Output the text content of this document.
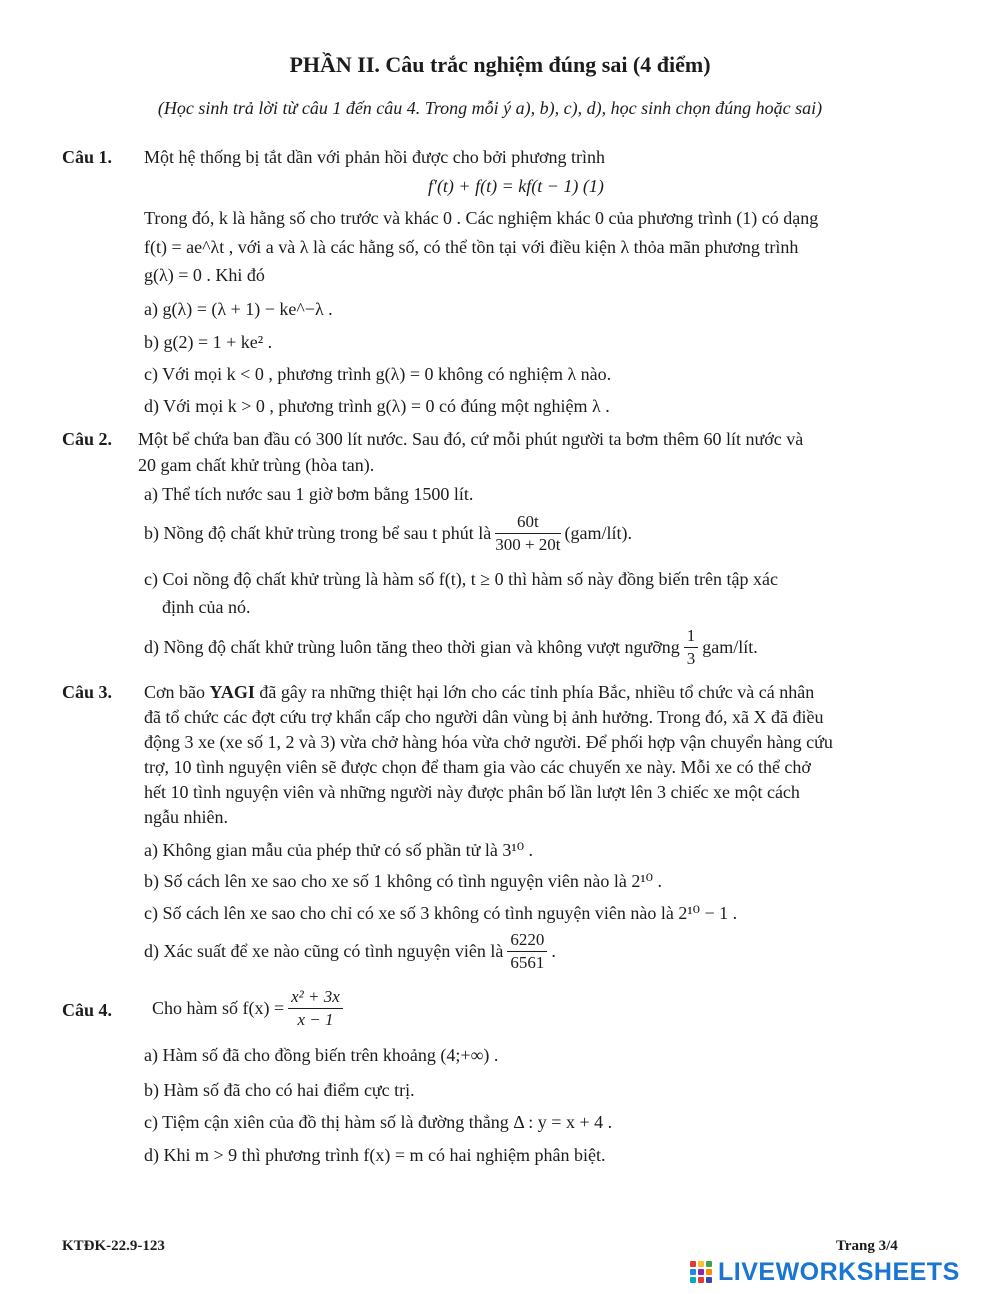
PHẦN II. Câu trắc nghiệm đúng sai (4 điểm)
(Học sinh trả lời từ câu 1 đến câu 4. Trong mỗi ý a), b), c), d), học sinh chọn đúng hoặc sai)
Câu 1. Một hệ thống bị tắt dần với phản hồi được cho bởi phương trình
f′(t) + f(t) = kf(t − 1) (1)
Trong đó, k là hằng số cho trước và khác 0 . Các nghiệm khác 0 của phương trình (1) có dạng
f(t) = ae^λt , với a và λ là các hằng số, có thể tồn tại với điều kiện λ thỏa mãn phương trình
g(λ) = 0 . Khi đó
a) g(λ) = (λ + 1) − ke^−λ .
b) g(2) = 1 + ke² .
c) Với mọi k < 0 , phương trình g(λ) = 0 không có nghiệm λ nào.
d) Với mọi k > 0 , phương trình g(λ) = 0 có đúng một nghiệm λ .
Câu 2. Một bể chứa ban đầu có 300 lít nước. Sau đó, cứ mỗi phút người ta bơm thêm 60 lít nước và
20 gam chất khử trùng (hòa tan).
a) Thể tích nước sau 1 giờ bơm bằng 1500 lít.
b) Nồng độ chất khử trùng trong bể sau t phút là $\frac{60t}{300 + 20t}$ (gam/lít).
c) Coi nồng độ chất khử trùng là hàm số f(t), t ≥ 0 thì hàm số này đồng biến trên tập xác
định của nó.
d) Nồng độ chất khử trùng luôn tăng theo thời gian và không vượt ngưỡng $\frac{1}{3}$ gam/lít.
Câu 3. Cơn bão YAGI đã gây ra những thiệt hại lớn cho các tỉnh phía Bắc, nhiều tổ chức và cá nhân
đã tổ chức các đợt cứu trợ khẩn cấp cho người dân vùng bị ảnh hưởng. Trong đó, xã X đã điều
động 3 xe (xe số 1, 2 và 3) vừa chở hàng hóa vừa chở người. Để phối hợp vận chuyển hàng cứu
trợ, 10 tình nguyện viên sẽ được chọn để tham gia vào các chuyến xe này. Mỗi xe có thể chở
hết 10 tình nguyện viên và những người này được phân bố lần lượt lên 3 chiếc xe một cách
ngẫu nhiên.
a) Không gian mẫu của phép thử có số phần tử là 3¹⁰ .
b) Số cách lên xe sao cho xe số 1 không có tình nguyện viên nào là 2¹⁰ .
c) Số cách lên xe sao cho chỉ có xe số 3 không có tình nguyện viên nào là 2¹⁰ − 1 .
d) Xác suất để xe nào cũng có tình nguyện viên là $\frac{6220}{6561}$ .
Câu 4. Cho hàm số $f(x) = \frac{\text{x² + 3x}}{x - 1}$
a) Hàm số đã cho đồng biến trên khoảng (4;+∞) .
b) Hàm số đã cho có hai điểm cực trị.
c) Tiệm cận xiên của đồ thị hàm số là đường thẳng Δ : y = x + 4 .
d) Khi m > 9 thì phương trình f(x) = m có hai nghiệm phân biệt.
KTĐK-22.9-123	Trang 3/4
LIVEWORKSHEETS
